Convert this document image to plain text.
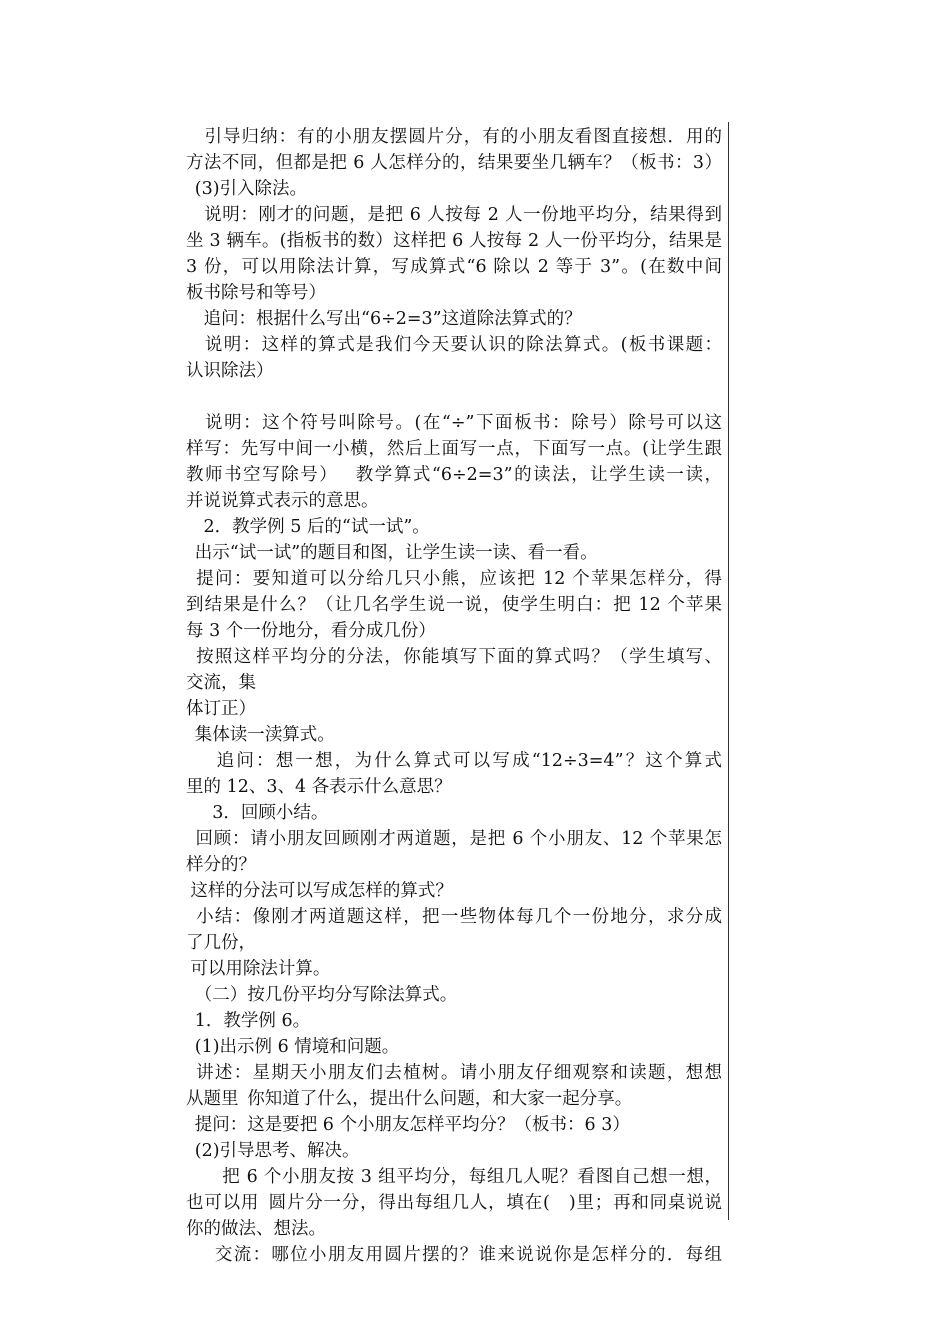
　引导归纳：有的小朋友摆圆片分，有的小朋友看图直接想．用的
方法不同，但都是把 6 人怎样分的，结果要坐几辆车？（板书：3）
 (3)引入除法。
　说明：刚才的问题，是把 6 人按每 2 人一份地平均分，结果得到
坐 3 辆车。(指板书的数）这样把 6 人按每 2 人一份平均分，结果是
3 份，可以用除法计算，写成算式“6 除以 2 等于 3”。(在数中间
板书除号和等号）
　追问：根据什么写出“6÷2=3”这道除法算式的？
　说明：这样的算式是我们今天要认识的除法算式。(板书课题：
认识除法）
　说明：这个符号叫除号。(在“÷”下面板书：除号）除号可以这
样写：先写中间一小横，然后上面写一点，下面写一点。(让学生跟
教师书空写除号）　 教学算式“6÷2=3”的读法，让学生读一读，
并说说算式表示的意思。
　2．教学例 5 后的“试一试”。
 出示“试一试”的题目和图，让学生读一读、看一看。
 提问：要知道可以分给几只小熊，应该把 12 个苹果怎样分，得
到结果是什么？（让几名学生说一说，使学生明白：把 12 个苹果
每 3 个一份地分，看分成几份）
 按照这样平均分的分法，你能填写下面的算式吗？（学生填写、
交流，集
体订正）
 集体读一渎算式。
　 追问：想一想，为什么算式可以写成“12÷3=4”？这个算式
里的 12、3、4 各表示什么意思？
　 3．回顾小结。
 回顾：请小朋友回顾刚才两道题，是把 6 个小朋友、12 个苹果怎
样分的？
 这样的分法可以写成怎样的算式？
 小结：像刚才两道题这样，把一些物体每几个一份地分，求分成
了几份，
 可以用除法计算。
　（二）按几份平均分写除法算式。
 1．教学例 6。
 (1)出示例 6 情境和问题。
 讲述：星期天小朋友们去植树。请小朋友仔细观察和读题，想想
从题里 你知道了什么，提出什么问题，和大家一起分享。
 提问：这是要把 6 个小朋友怎样平均分？（板书：6 3）
 (2)引导思考、解决。
　　把 6 个小朋友按 3 组平均分，每组几人呢？看图自己想一想，
也可以用 圆片分一分，得出每组几人，填在(　)里；再和同桌说说
你的做法、想法。
　 交流：哪位小朋友用圆片摆的？谁来说说你是怎样分的．每组
